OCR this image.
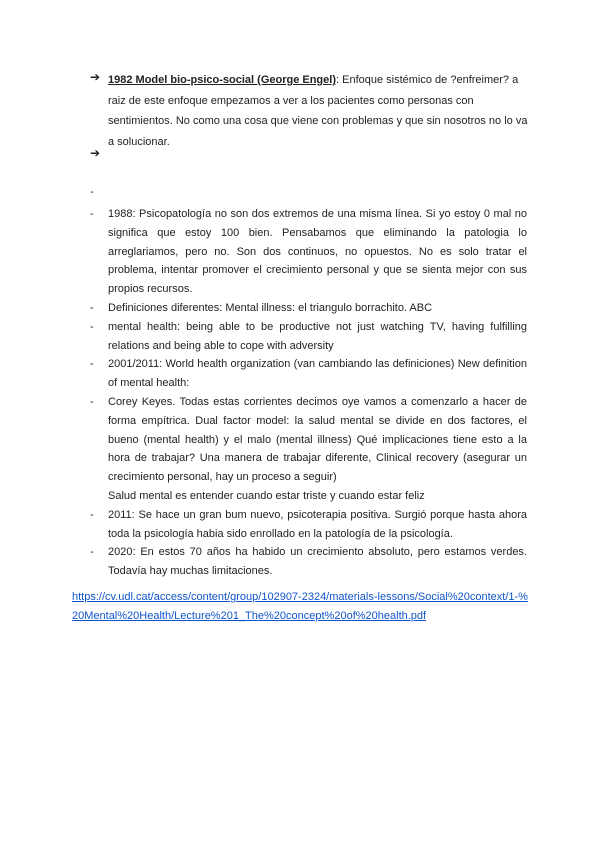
➔ 1982 Model bio-psico-social (George Engel): Enfoque sistémico de ?enfreimer? a raiz de este enfoque empezamos a ver a los pacientes como personas con sentimientos. No como una cosa que viene con problemas y que sin nosotros no lo va a solucionar.
➔
-
- 1988: Psicopatología no son dos extremos de una misma línea. Si yo estoy 0 mal no significa que estoy 100 bien. Pensabamos que eliminando la patologia lo arreglariamos, pero no. Son dos continuos, no opuestos. No es solo tratar el problema, intentar promover el crecimiento personal y que se sienta mejor con sus propios recursos.
- Definiciones diferentes: Mental illness: el triangulo borrachito. ABC
- mental health: being able to be productive not just watching TV, having fulfilling relations and being able to cope with adversity
- 2001/2011: World health organization (van cambiando las definiciones) New definition of mental health:
- Corey Keyes. Todas estas corrientes decimos oye vamos a comenzarlo a hacer de forma empítrica. Dual factor model: la salud mental se divide en dos factores, el bueno (mental health) y el malo (mental illness) Qué implicaciones tiene esto a la hora de trabajar? Una manera de trabajar diferente, Clinical recovery (asegurar un crecimiento personal, hay un proceso a seguir)
Salud mental es entender cuando estar triste y cuando estar feliz
- 2011: Se hace un gran bum nuevo, psicoterapia positiva. Surgió porque hasta ahora toda la psicología habia sido enrollado en la patología de la psicología.
- 2020: En estos 70 años ha habido un crecimiento absoluto, pero estamos verdes. Todavía hay muchas limitaciones.
https://cv.udl.cat/access/content/group/102907-2324/materials-lessons/Social%20context/1-%20Mental%20Health/Lecture%201_The%20concept%20of%20health.pdf
